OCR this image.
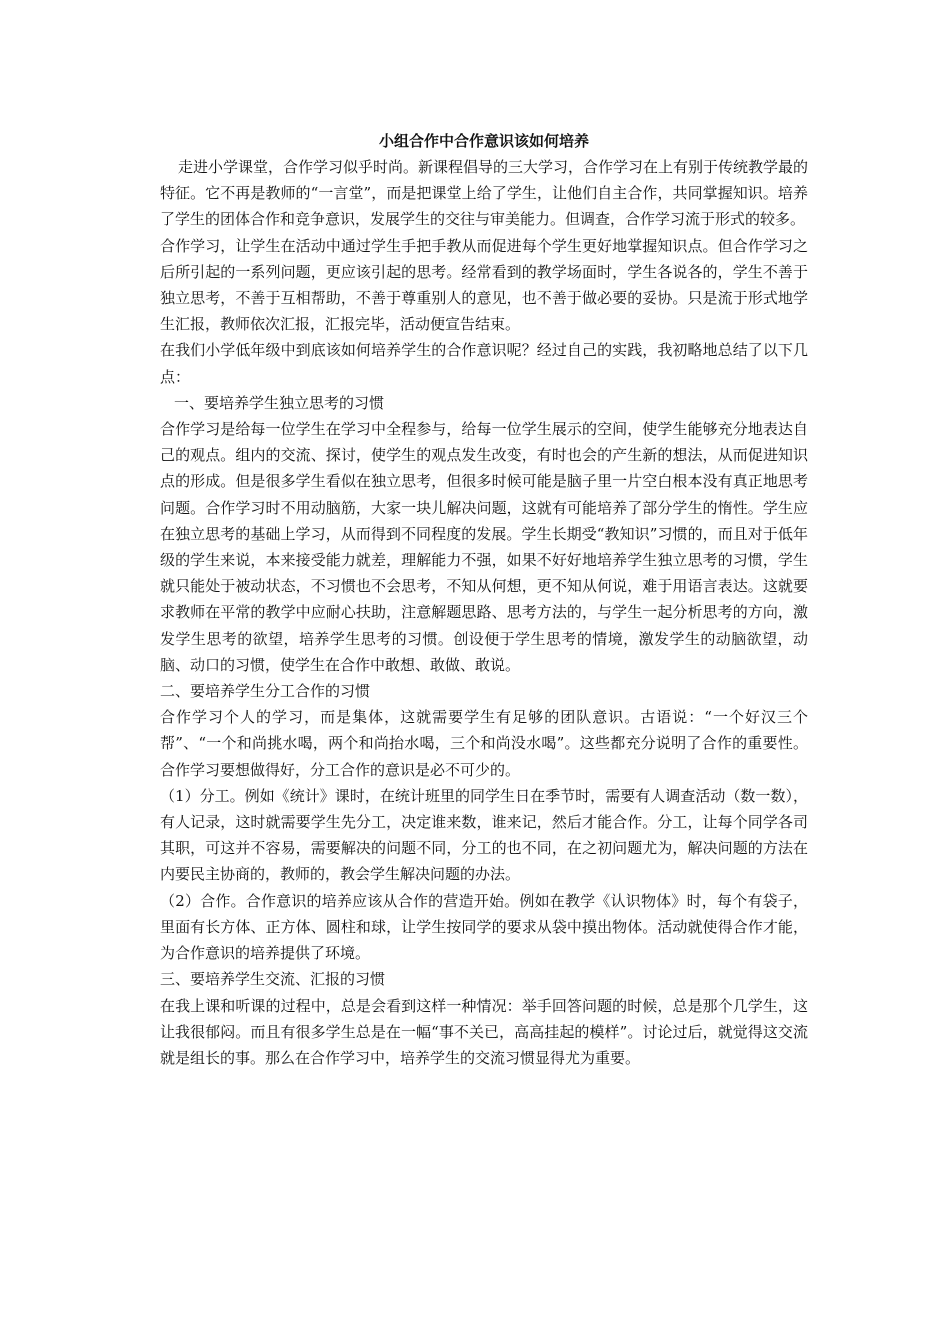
小组合作中合作意识该如何培养
走进小学课堂，合作学习似乎时尚。新课程倡导的三大学习，合作学习在上有别于传统教学最的特征。它不再是教师的“一言堂”，而是把课堂上给了学生，让他们自主合作，共同掌握知识。培养了学生的团体合作和竞争意识，发展学生的交往与审美能力。但调查，合作学习流于形式的较多。
合作学习，让学生在活动中通过学生手把手教从而促进每个学生更好地掌握知识点。但合作学习之后所引起的一系列问题，更应该引起的思考。经常看到的教学场面时，学生各说各的，学生不善于独立思考，不善于互相帮助，不善于尊重别人的意见，也不善于做必要的妥协。只是流于形式地学生汇报，教师依次汇报，汇报完毕，活动便宣告结束。
在我们小学低年级中到底该如何培养学生的合作意识呢？经过自己的实践，我初略地总结了以下几点：
一、要培养学生独立思考的习惯
合作学习是给每一位学生在学习中全程参与，给每一位学生展示的空间，使学生能够充分地表达自己的观点。组内的交流、探讨，使学生的观点发生改变，有时也会的产生新的想法，从而促进知识点的形成。但是很多学生看似在独立思考，但很多时候可能是脑子里一片空白根本没有真正地思考问题。合作学习时不用动脑筋，大家一块儿解决问题，这就有可能培养了部分学生的惰性。学生应在独立思考的基础上学习，从而得到不同程度的发展。学生长期受“教知识”习惯的，而且对于低年级的学生来说，本来接受能力就差，理解能力不强，如果不好好地培养学生独立思考的习惯，学生就只能处于被动状态，不习惯也不会思考，不知从何想，更不知从何说，难于用语言表达。这就要求教师在平常的教学中应耐心扶助，注意解题思路、思考方法的，与学生一起分析思考的方向，激发学生思考的欲望，培养学生思考的习惯。创设便于学生思考的情境，激发学生的动脑欲望，动脑、动口的习惯，使学生在合作中敢想、敢做、敢说。
二、要培养学生分工合作的习惯
合作学习个人的学习，而是集体，这就需要学生有足够的团队意识。古语说：“一个好汉三个帮”、“一个和尚挑水喝，两个和尚抬水喝，三个和尚没水喝”。这些都充分说明了合作的重要性。合作学习要想做得好，分工合作的意识是必不可少的。
（1）分工。例如《统计》课时，在统计班里的同学生日在季节时，需要有人调查活动（数一数），有人记录，这时就需要学生先分工，决定谁来数，谁来记，然后才能合作。分工，让每个同学各司其职，可这并不容易，需要解决的问题不同，分工的也不同，在之初问题尤为，解决问题的方法在内要民主协商的，教师的，教会学生解决问题的办法。
（2）合作。合作意识的培养应该从合作的营造开始。例如在教学《认识物体》时，每个有袋子，里面有长方体、正方体、圆柱和球，让学生按同学的要求从袋中摸出物体。活动就使得合作才能，为合作意识的培养提供了环境。
三、要培养学生交流、汇报的习惯
在我上课和听课的过程中，总是会看到这样一种情况：举手回答问题的时候，总是那个几学生，这让我很郁闷。而且有很多学生总是在一幅“事不关已，高高挂起的模样”。讨论过后，就觉得这交流就是组长的事。那么在合作学习中，培养学生的交流习惯显得尤为重要。
